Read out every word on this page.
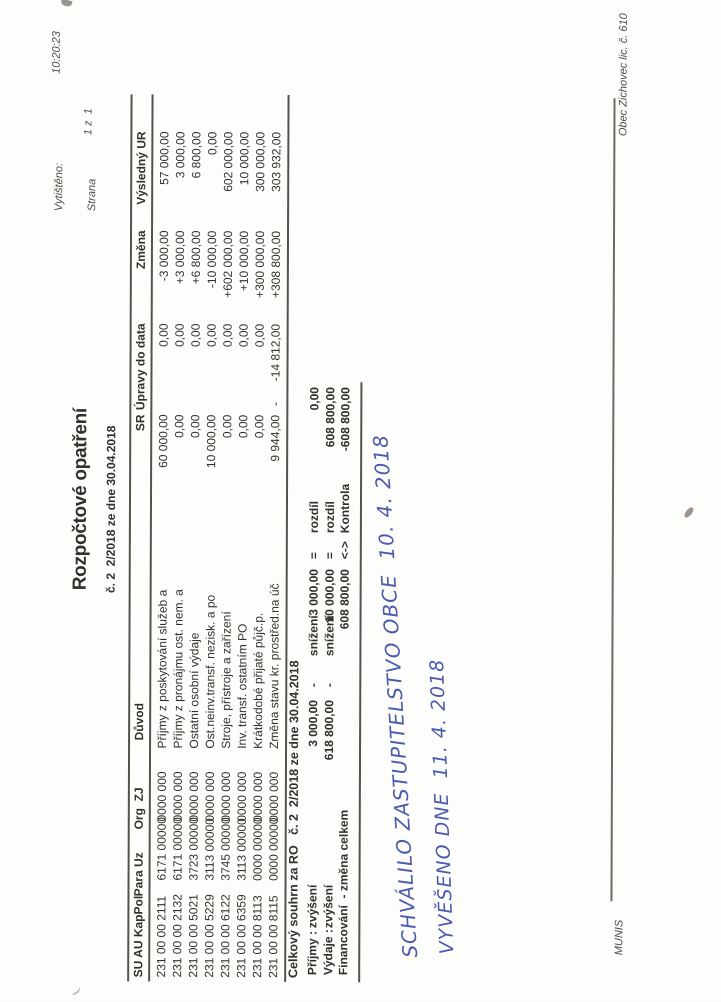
Vytištěno:
10:20:23
Strana
1 z  1
Rozpočtové opatření č. 2  2/2018 ze dne 30.04.2018
SU AU KapPol
Para Uz
Org  ZJ
Důvod
SR
Úpravy do data
Změna
Výsledný UR
231 00 00 2111
6171 00000
0000 000
Příjmy z poskytování služeb a
60 000,00
0,00
-3 000,00
57 000,00
231 00 00 2132
6171 00000
0000 000
Příjmy z pronájmu ost. nem. a
0,00
0,00
+3 000,00
3 000,00
231 00 00 5021
3723 00000
0000 000
Ostatní osobní výdaje
0,00
0,00
+6 800,00
6 800,00
231 00 00 5229
3113 00000
0000 000
Ost.neinv.transf. nezisk. a po
10 000,00
0,00
-10 000,00
0,00
231 00 00 6122
3745 00000
0000 000
Stroje, přístroje a zařízení
0,00
0,00
+602 000,00
602 000,00
231 00 00 6359
3113 00000
0000 000
Inv. transf. ostatním PO
0,00
0,00
+10 000,00
10 000,00
231 00 00 8113
0000 00000
0000 000
Krátkodobé přijaté půjč.p.
0,00
0,00
+300 000,00
300 000,00
231 00 00 8115
0000 00000
0000 000
Změna stavu kr. prostřed.na úč
9 944,00
-14 812,00
+308 800,00
303 932,00
-
Celkový souhrn za RO   č. 2  2/2018 ze dne 30.04.2018 Příjmy :
zvýšení
3 000,00
-
snížení
3 000,00
=
rozdíl
0,00
Výdaje :
zvýšení
618 800,00
-
snížení
10 000,00
=
rozdíl
608 800,00
Financování  - změna celkem
608 800,00
<->
Kontrola
-608 800,00
SCHVÁLILO ZASTUPITELSTVO OBCE  10. 4. 2018 VYVĚŠENO DNE  11. 4. 2018	MUNIS
Obec Zichovec lic. č. 610
